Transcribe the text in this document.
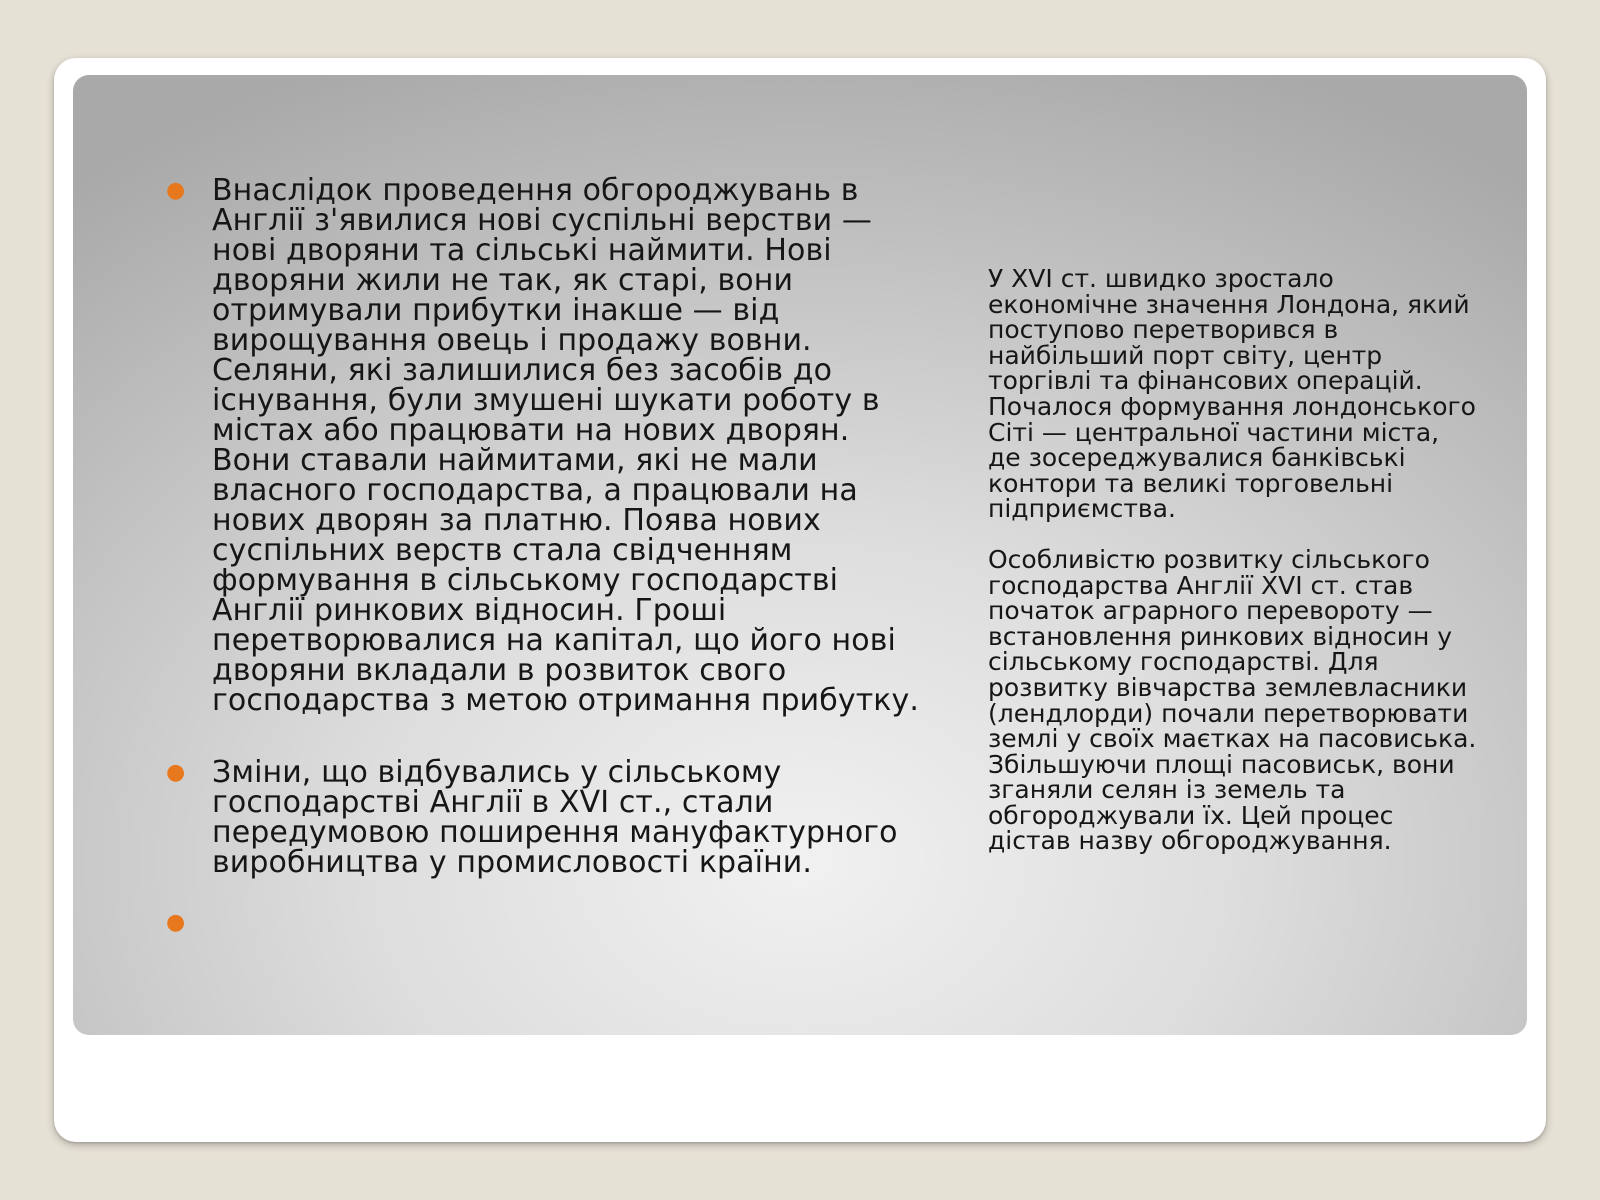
● Внаслідок проведення обгороджувань в Англії з'явилися нові суспільні верстви — нові дворяни та сільські наймити. Нові дворяни жили не так, як старі, вони отримували прибутки інакше — від вирощування овець і продажу вовни. Селяни, які залишилися без засобів до існування, були змушені шукати роботу в містах або працювати на нових дворян. Вони ставали наймитами, які не мали власного господарства, а працювали на нових дворян за платню. Поява нових суспільних верств стала свідченням формування в сільському господарстві Англії ринкових відносин. Гроші перетворювалися на капітал, що його нові дворяни вкладали в розвиток свого господарства з метою отримання прибутку.
● Зміни, що відбувались у сільському господарстві Англії в XVI ст., стали передумовою поширення мануфактурного виробництва у промисловості країни.
●

У XVI ст. швидко зростало економічне значення Лондона, який поступово перетворився в найбільший порт світу, центр торгівлі та фінансових операцій. Почалося формування лондонського Сіті — центральної частини міста, де зосереджувалися банківські контори та великі торговельні підприємства.

Особливістю розвитку сільського господарства Англії XVI ст. став початок аграрного перевороту — встановлення ринкових відносин у сільському господарстві. Для розвитку вівчарства землевласники (лендлорди) почали перетворювати землі у своїх маєтках на пасовиська. Збільшуючи площі пасовиськ, вони зганяли селян із земель та обгороджували їх. Цей процес дістав назву обгороджування.
